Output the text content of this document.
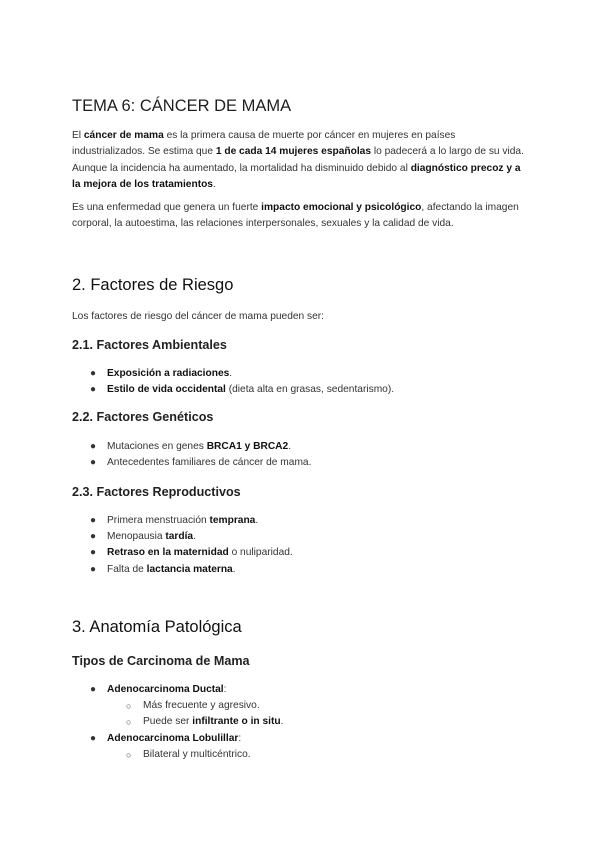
TEMA 6: CÁNCER DE MAMA

El cáncer de mama es la primera causa de muerte por cáncer en mujeres en países industrializados. Se estima que 1 de cada 14 mujeres españolas lo padecerá a lo largo de su vida. Aunque la incidencia ha aumentado, la mortalidad ha disminuido debido al diagnóstico precoz y a la mejora de los tratamientos.

Es una enfermedad que genera un fuerte impacto emocional y psicológico, afectando la imagen corporal, la autoestima, las relaciones interpersonales, sexuales y la calidad de vida.

2. Factores de Riesgo

Los factores de riesgo del cáncer de mama pueden ser:

2.1. Factores Ambientales
● Exposición a radiaciones.
● Estilo de vida occidental (dieta alta en grasas, sedentarismo).
2.2. Factores Genéticos
● Mutaciones en genes BRCA1 y BRCA2.
● Antecedentes familiares de cáncer de mama.
2.3. Factores Reproductivos
● Primera menstruación temprana.
● Menopausia tardía.
● Retraso en la maternidad o nuliparidad.
● Falta de lactancia materna.
3. Anatomía Patológica
Tipos de Carcinoma de Mama
● Adenocarcinoma Ductal:
○ Más frecuente y agresivo.
○ Puede ser infiltrante o in situ.
● Adenocarcinoma Lobulillar:
○ Bilateral y multicéntrico.
